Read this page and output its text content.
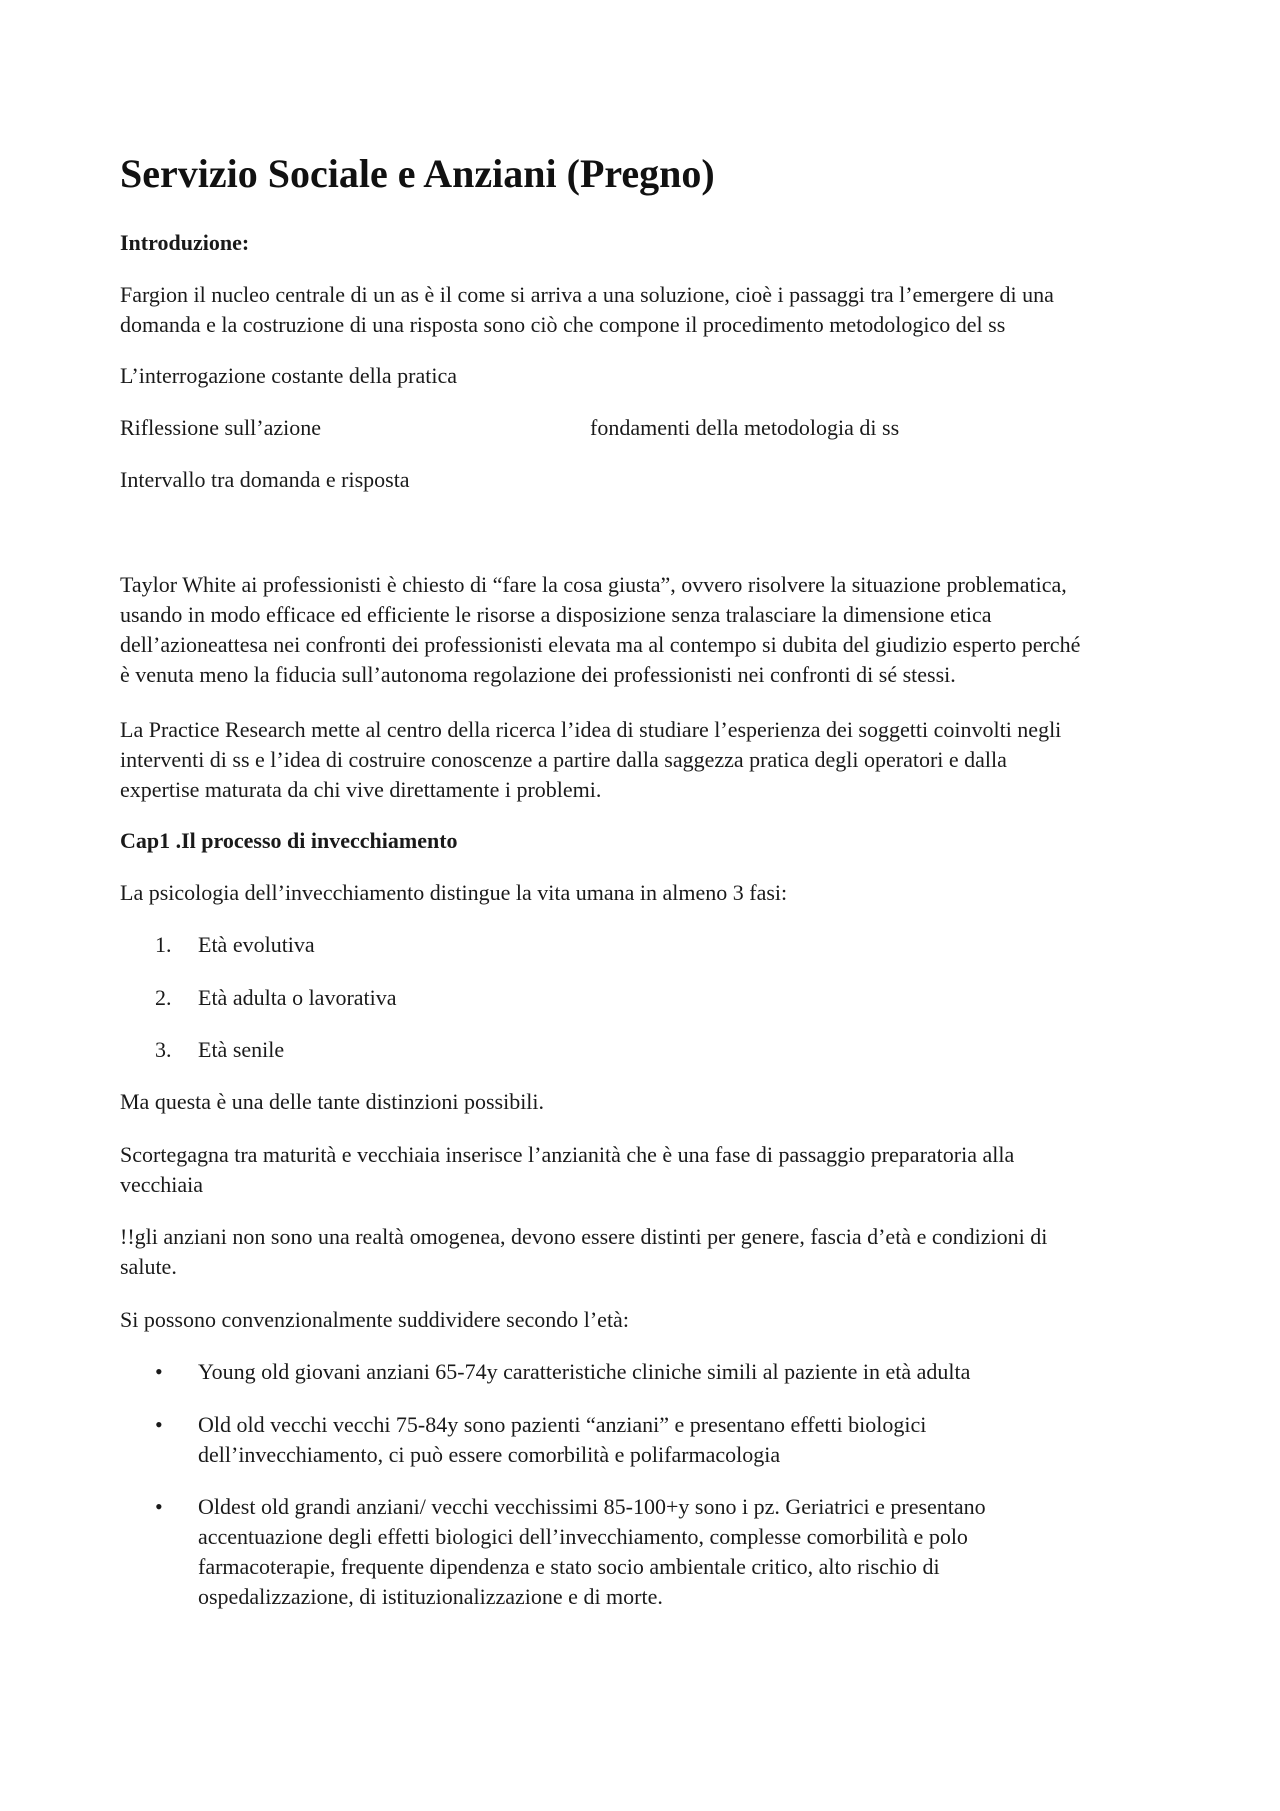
Servizio Sociale e Anziani (Pregno)
Introduzione:
Fargion il nucleo centrale di un as è il come si arriva a una soluzione, cioè i passaggi tra l’emergere di una
domanda e la costruzione di una risposta sono ciò che compone il procedimento metodologico del ss
L’interrogazione costante della pratica
Riflessione sull’azione	fondamenti della metodologia di ss
Intervallo tra domanda e risposta
Taylor White ai professionisti è chiesto di “fare la cosa giusta”, ovvero risolvere la situazione problematica,
usando in modo efficace ed efficiente le risorse a disposizione senza tralasciare la dimensione etica
dell’azioneattesa nei confronti dei professionisti elevata ma al contempo si dubita del giudizio esperto perché
è venuta meno la fiducia sull’autonoma regolazione dei professionisti nei confronti di sé stessi.
La Practice Research mette al centro della ricerca l’idea di studiare l’esperienza dei soggetti coinvolti negli
interventi di ss e l’idea di costruire conoscenze a partire dalla saggezza pratica degli operatori e dalla
expertise maturata da chi vive direttamente i problemi.
Cap1 .Il processo di invecchiamento
La psicologia dell’invecchiamento distingue la vita umana in almeno 3 fasi:
1. Età evolutiva
2. Età adulta o lavorativa
3. Età senile
Ma questa è una delle tante distinzioni possibili.
Scortegagna tra maturità e vecchiaia inserisce l’anzianità che è una fase di passaggio preparatoria alla
vecchiaia
!!gli anziani non sono una realtà omogenea, devono essere distinti per genere, fascia d’età e condizioni di
salute.
Si possono convenzionalmente suddividere secondo l’età:
• Young old giovani anziani 65-74y caratteristiche cliniche simili al paziente in età adulta
• Old old vecchi vecchi 75-84y sono pazienti “anziani” e presentano effetti biologici
dell’invecchiamento, ci può essere comorbilità e polifarmacologia
• Oldest old grandi anziani/ vecchi vecchissimi 85-100+y sono i pz. Geriatrici e presentano
accentuazione degli effetti biologici dell’invecchiamento, complesse comorbilità e polo
farmacoterapie, frequente dipendenza e stato socio ambientale critico, alto rischio di
ospedalizzazione, di istituzionalizzazione e di morte.
